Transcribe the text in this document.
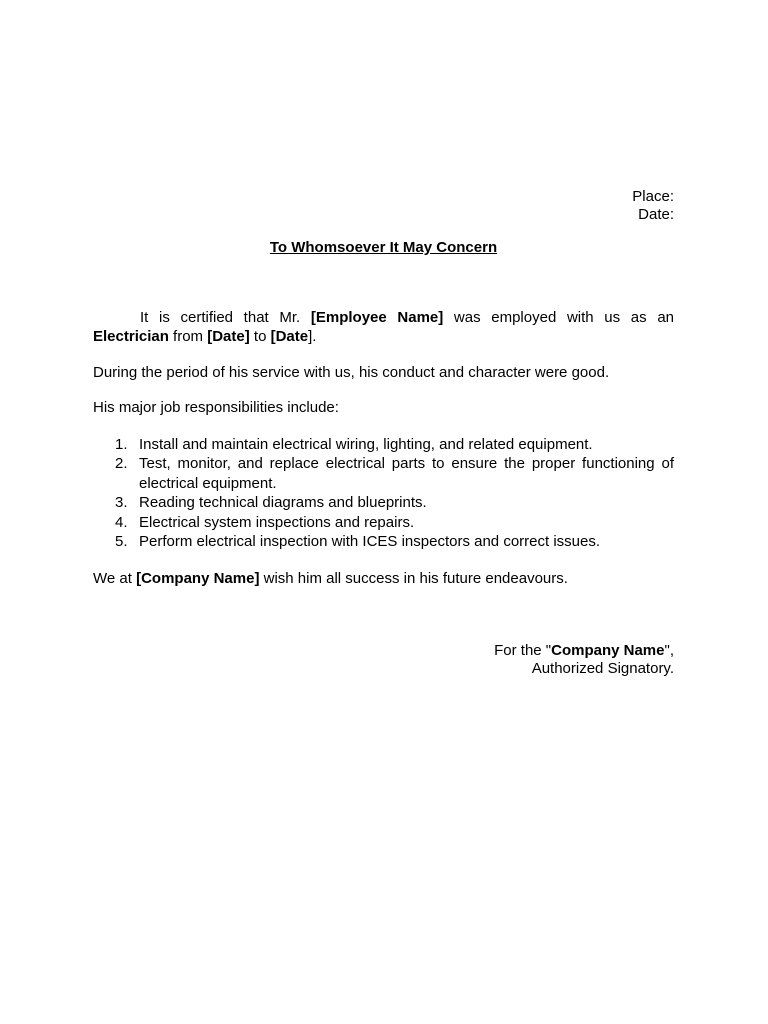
Place:
Date:
To Whomsoever It May Concern

It is certified that Mr. [Employee Name] was employed with us as an Electrician from [Date] to [Date].

During the period of his service with us, his conduct and character were good.
His major job responsibilities include:
1. Install and maintain electrical wiring, lighting, and related equipment.
2. Test, monitor, and replace electrical parts to ensure the proper functioning of electrical equipment.
3. Reading technical diagrams and blueprints.
4. Electrical system inspections and repairs.
5. Perform electrical inspection with ICES inspectors and correct issues.
We at [Company Name] wish him all success in his future endeavours.
For the "Company Name",
Authorized Signatory.
